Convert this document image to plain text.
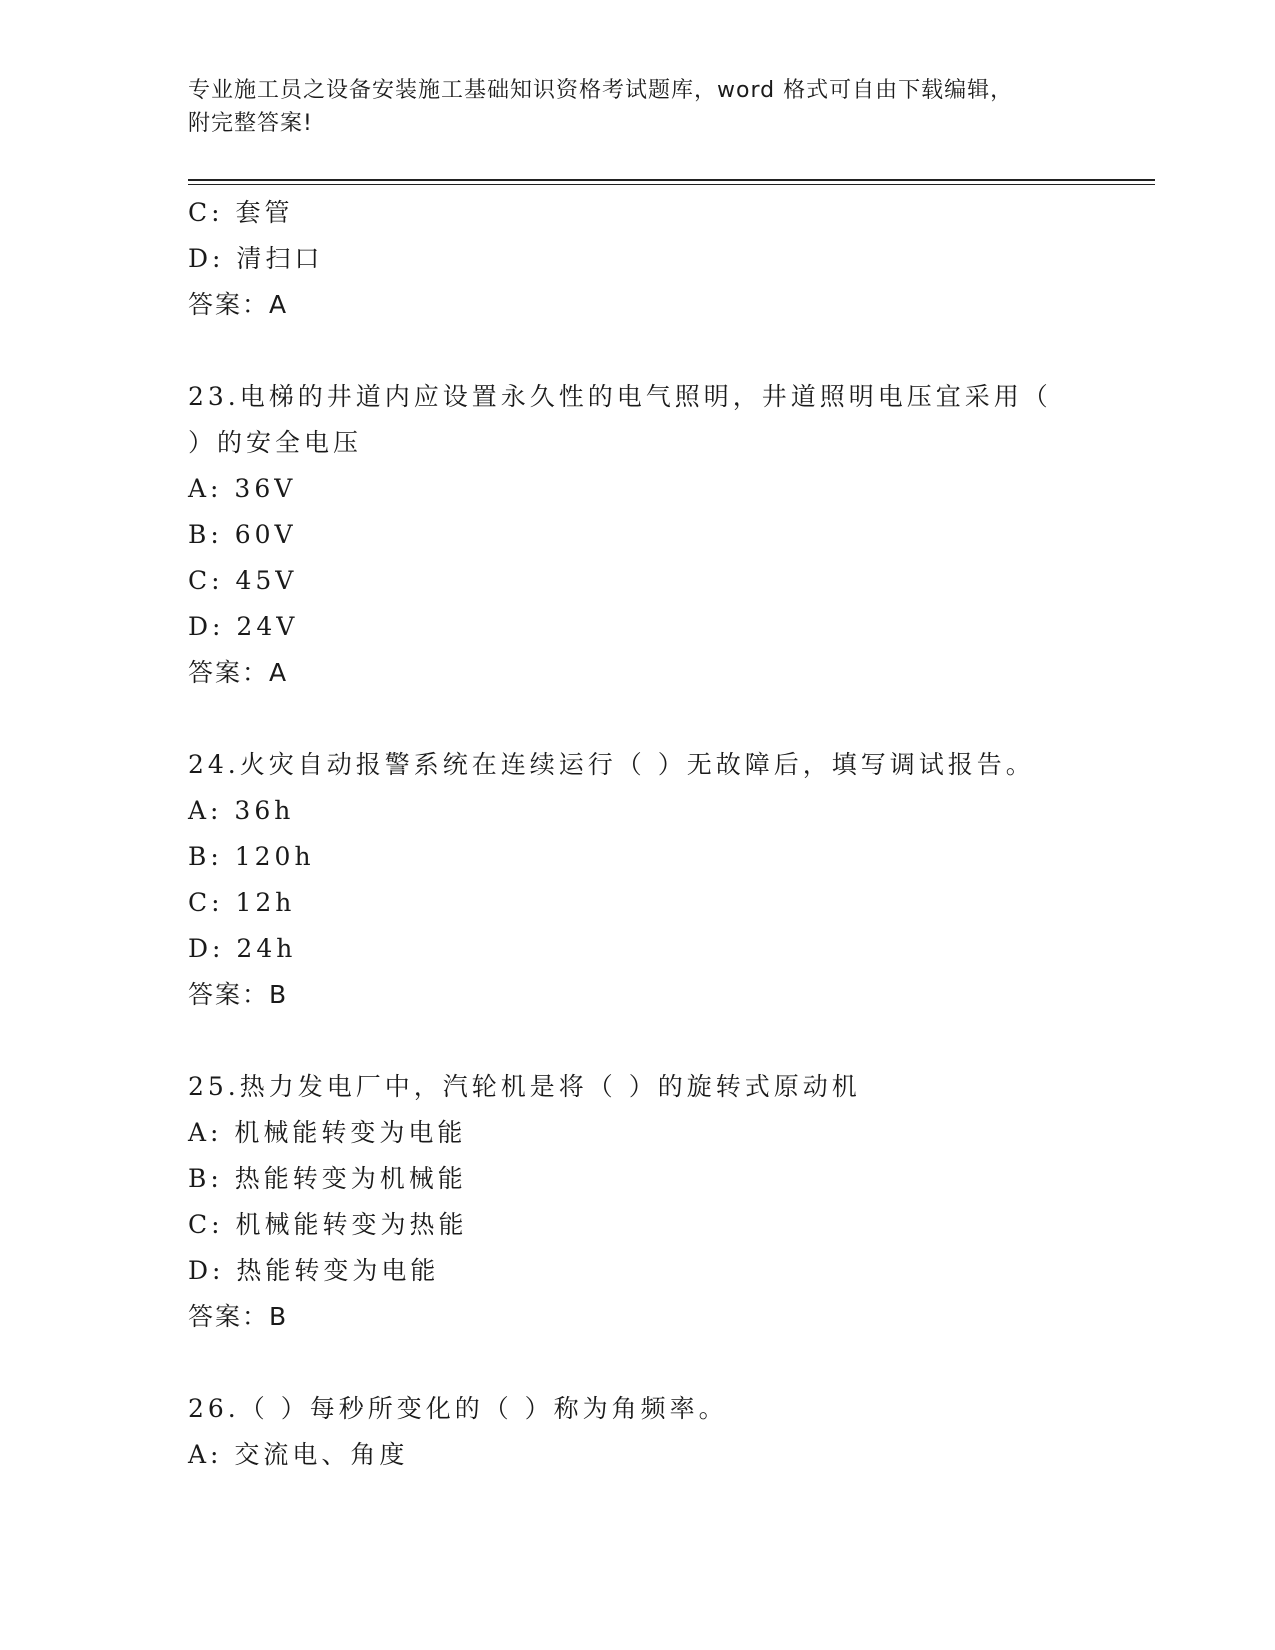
专业施工员之设备安装施工基础知识资格考试题库，word 格式可自由下载编辑，
附完整答案!
C: 套管
D: 清扫口
答案：A
23.电梯的井道内应设置永久性的电气照明，井道照明电压宜采用（
）的安全电压
A: 36V
B: 60V
C: 45V
D: 24V
答案：A
24.火灾自动报警系统在连续运行（ ）无故障后，填写调试报告。
A: 36h
B: 120h
C: 12h
D: 24h
答案：B
25.热力发电厂中，汽轮机是将（ ）的旋转式原动机
A: 机械能转变为电能
B: 热能转变为机械能
C: 机械能转变为热能
D: 热能转变为电能
答案：B
26.（ ）每秒所变化的（ ）称为角频率。
A: 交流电、角度
